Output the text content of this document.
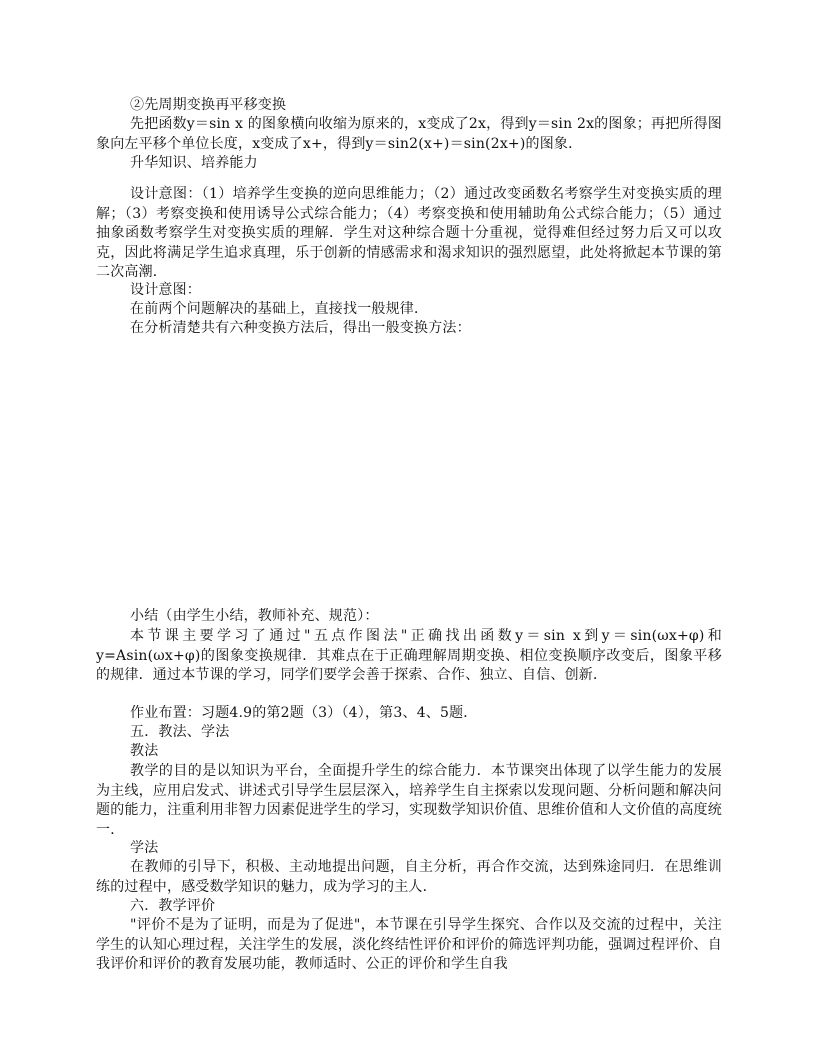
②先周期变换再平移变换

先把函数y＝sin x 的图象横向收缩为原来的，x变成了2x，得到y＝sin 2x的图象；再把所得图象向左平移个单位长度，x变成了x+，得到y＝sin2(x+)＝sin(2x+)的图象．

升华知识、培养能力

设计意图：（1）培养学生变换的逆向思维能力；（2）通过改变函数名考察学生对变换实质的理解；（3）考察变换和使用诱导公式综合能力；（4）考察变换和使用辅助角公式综合能力；（5）通过抽象函数考察学生对变换实质的理解．学生对这种综合题十分重视，觉得难但经过努力后又可以攻克，因此将满足学生追求真理，乐于创新的情感需求和渴求知识的强烈愿望，此处将掀起本节课的第二次高潮．

设计意图：

在前两个问题解决的基础上，直接找一般规律．

在分析清楚共有六种变换方法后，得出一般变换方法：

小结（由学生小结，教师补充、规范）：

本节课主要学习了通过"五点作图法"正确找出函数y＝sin x到y＝sin(ωx+φ)和y=Asin(ωx+φ)的图象变换规律．其难点在于正确理解周期变换、相位变换顺序改变后，图象平移的规律．通过本节课的学习，同学们要学会善于探索、合作、独立、自信、创新．

作业布置：习题4.9的第2题（3）（4），第3、4、5题．

五．教法、学法

教法

教学的目的是以知识为平台，全面提升学生的综合能力．本节课突出体现了以学生能力的发展为主线，应用启发式、讲述式引导学生层层深入，培养学生自主探索以发现问题、分析问题和解决问题的能力，注重利用非智力因素促进学生的学习，实现数学知识价值、思维价值和人文价值的高度统一．

学法

在教师的引导下，积极、主动地提出问题，自主分析，再合作交流，达到殊途同归．在思维训练的过程中，感受数学知识的魅力，成为学习的主人．

六．教学评价

"评价不是为了证明，而是为了促进"，本节课在引导学生探究、合作以及交流的过程中，关注学生的认知心理过程，关注学生的发展，淡化终结性评价和评价的筛选评判功能，强调过程评价、自我评价和评价的教育发展功能，教师适时、公正的评价和学生自我
